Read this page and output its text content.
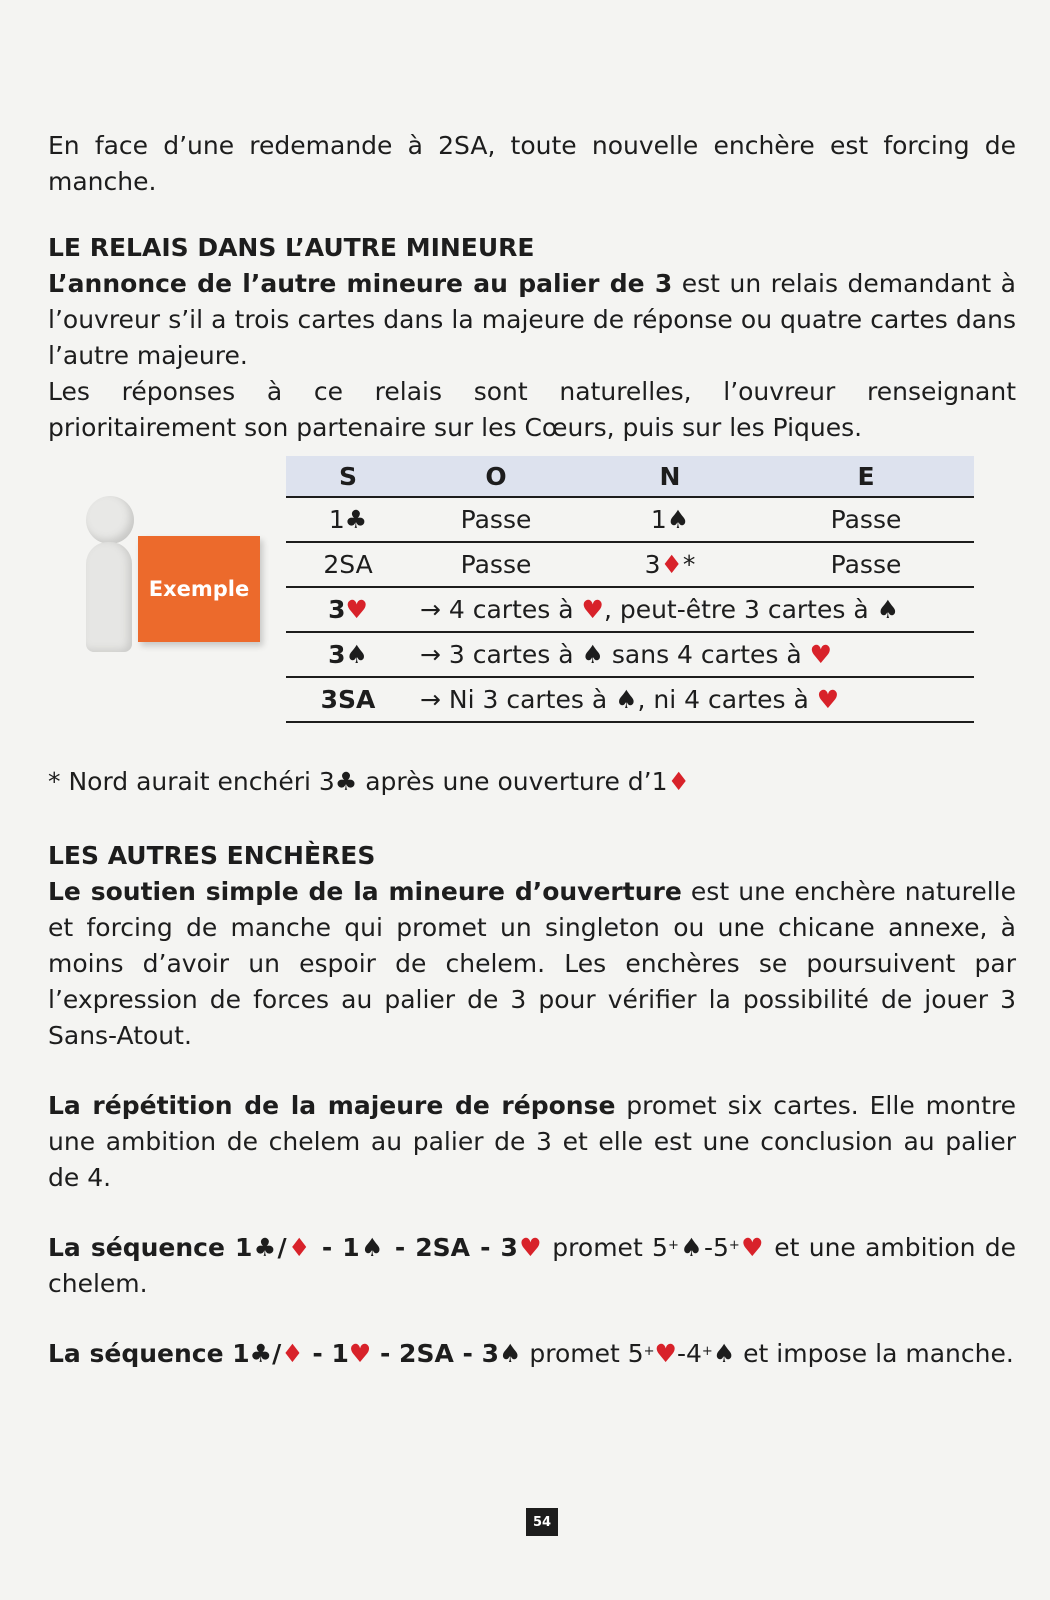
En face d’une redemande à 2SA, toute nouvelle enchère est forcing de manche.

LE RELAIS DANS L’AUTRE MINEURE

L’annonce de l’autre mineure au palier de 3 est un relais demandant à l’ouvreur s’il a trois cartes dans la majeure de réponse ou quatre cartes dans l’autre majeure.

Les réponses à ce relais sont naturelles, l’ouvreur renseignant prioritairement son partenaire sur les Cœurs, puis sur les Piques.

Exemple
S	O	N	E
1♣	Passe	1♠	Passe
2SA	Passe	3♦*	Passe
3♥	→ 4 cartes à ♥, peut-être 3 cartes à ♠		
3♠	→ 3 cartes à ♠ sans 4 cartes à ♥		
3SA	→ Ni 3 cartes à ♠, ni 4 cartes à ♥		

* Nord aurait enchéri 3♣ après une ouverture d’1♦

LES AUTRES ENCHÈRES

Le soutien simple de la mineure d’ouverture est une enchère naturelle et forcing de manche qui promet un singleton ou une chicane annexe, à moins d’avoir un espoir de chelem. Les enchères se poursuivent par l’expression de forces au palier de 3 pour vérifier la possibilité de jouer 3 Sans-Atout.

La répétition de la majeure de réponse promet six cartes. Elle montre une ambition de chelem au palier de 3 et elle est une conclusion au palier de 4.

La séquence 1♣/♦ - 1♠ - 2SA - 3♥ promet 5+♠-5+♥ et une ambition de chelem.

La séquence 1♣/♦ - 1♥ - 2SA - 3♠ promet 5+♥-4+♠ et impose la manche.

54
